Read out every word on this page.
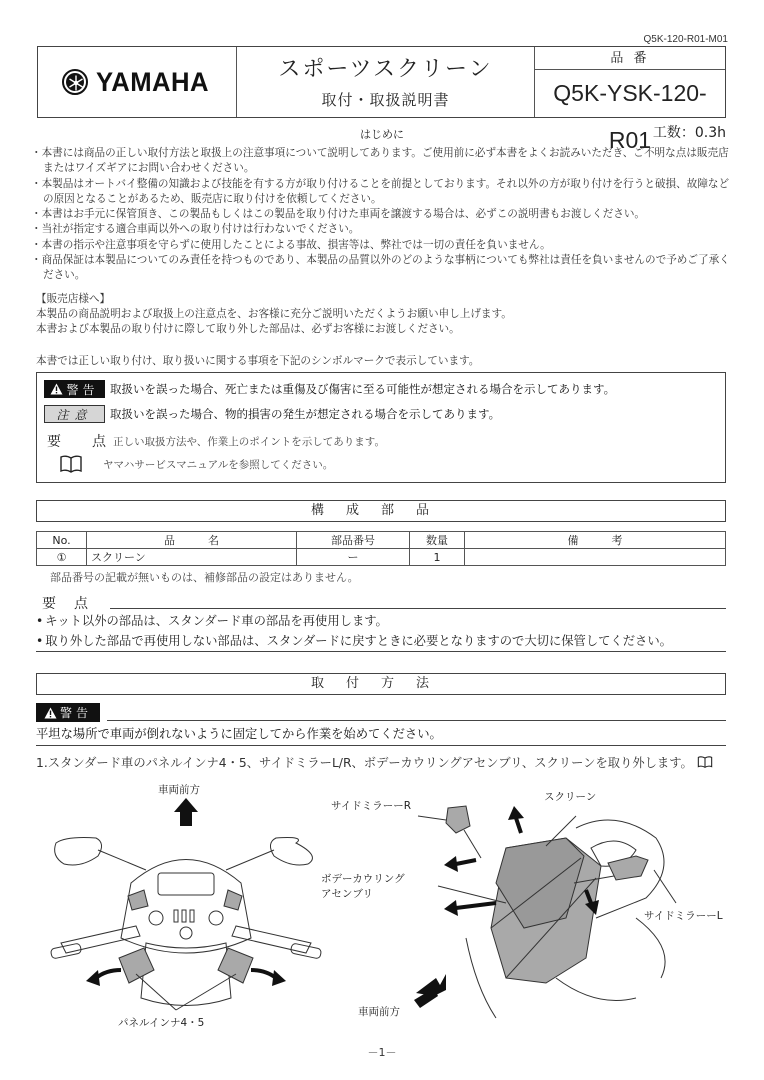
Q5K-120-R01-M01
YAMAHA	スポーツスクリーン
取付・取扱説明書
品 番
Q5K-YSK-120-R01
はじめに	工数：0.3h
・ 本書には商品の正しい取付方法と取扱上の注意事項について説明してあります。ご使用前に必ず本書をよくお読みいただき、ご不明な点は販売店またはワイズギアにお問い合わせください。
・ 本製品はオートバイ整備の知識および技能を有する方が取り付けることを前提としております。それ以外の方が取り付けを行うと破損、故障などの原因となることがあるため、販売店に取り付けを依頼してください。
・ 本書はお手元に保管頂き、この製品もしくはこの製品を取り付けた車両を譲渡する場合は、必ずこの説明書もお渡しください。
・ 当社が指定する適合車両以外への取り付けは行わないでください。
・ 本書の指示や注意事項を守らずに使用したことによる事故、損害等は、弊社では一切の責任を負いません。
・ 商品保証は本製品についてのみ責任を持つものであり、本製品の品質以外のどのような事柄についても弊社は責任を負いませんので予めご了承ください。
【販売店様へ】
本製品の商品説明および取扱上の注意点を、お客様に充分ご説明いただくようお願い申し上げます。
本書および本製品の取り付けに際して取り外した部品は、必ずお客様にお渡しください。
本書では正しい取り付け、取り扱いに関する事項を下記のシンボルマークで表示しています。
警告 取扱いを誤った場合、死亡または重傷及び傷害に至る可能性が想定される場合を示してあります。
注意	取扱いを誤った場合、物的損害の発生が想定される場合を示してあります。
要 点 正しい取扱方法や、作業上のポイントを示してあります。
ヤマハサービスマニュアルを参照してください。
構成部品
No.	品　　　名	部品番号	数量	備　　　考
①	スクリーン	ー	1	
部品番号の記載が無いものは、補修部品の設定はありません。
要点
• キット以外の部品は、スタンダード車の部品を再使用します。
• 取り外した部品で再使用しない部品は、スタンダードに戻すときに必要となりますので大切に保管してください。
取付方法
警告
平坦な場所で車両が倒れないように固定してから作業を始めてください。
1.スタンダード車のパネルインナ4・5、サイドミラーL/R、ボデーカウリングアセンブリ、スクリーンを取り外します。
車両前方
パネルインナ4・5
サイドミラーーR
スクリーン
ボデーカウリング
アセンブリ
サイドミラーーL
車両前方
－1－
